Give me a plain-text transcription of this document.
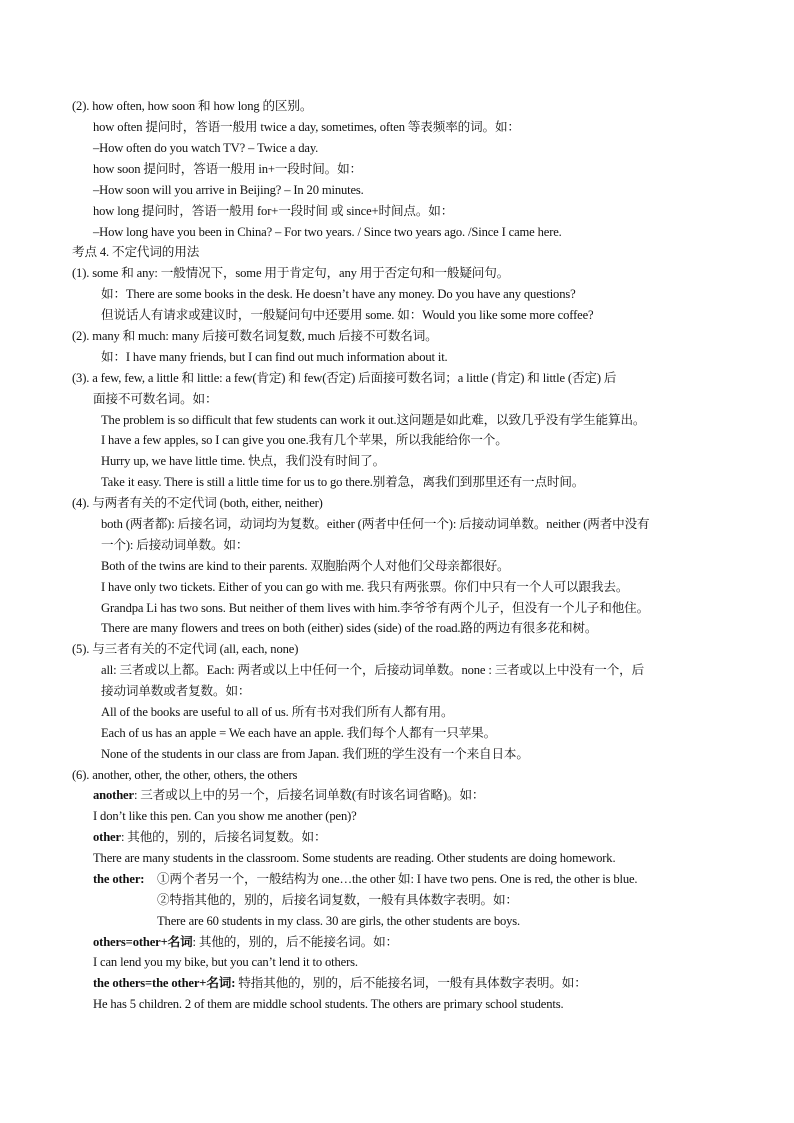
(2). how often, how soon 和 how long 的区别。
how often 提问时，答语一般用 twice a day, sometimes, often 等表频率的词。如：
–How often do you watch TV? – Twice a day.
how soon 提问时，答语一般用 in+一段时间。如：
–How soon will you arrive in Beijing? – In 20 minutes.
how long 提问时，答语一般用 for+一段时间 或 since+时间点。如：
–How long have you been in China? – For two years. / Since two years ago. /Since I came here.
考点 4. 不定代词的用法
(1). some 和 any: 一般情况下，some 用于肯定句，any 用于否定句和一般疑问句。
如：There are some books in the desk. He doesn’t have any money. Do you have any questions?
但说话人有请求或建议时，一般疑问句中还要用 some. 如：Would you like some more coffee?
(2). many 和 much: many 后接可数名词复数, much 后接不可数名词。
如：I have many friends, but I can find out much information about it.
(3). a few, few, a little 和 little: a few(肯定) 和 few(否定) 后面接可数名词；a little (肯定) 和 little (否定) 后
面接不可数名词。如：
The problem is so difficult that few students can work it out.这问题是如此难，以致几乎没有学生能算出。
I have a few apples, so I can give you one.我有几个苹果，所以我能给你一个。
Hurry up, we have little time. 快点，我们没有时间了。
Take it easy. There is still a little time for us to go there.别着急，离我们到那里还有一点时间。
(4). 与两者有关的不定代词 (both, either, neither)
both (两者都): 后接名词，动词均为复数。either (两者中任何一个): 后接动词单数。neither (两者中没有
一个): 后接动词单数。如：
Both of the twins are kind to their parents. 双胞胎两个人对他们父母亲都很好。
I have only two tickets. Either of you can go with me. 我只有两张票。你们中只有一个人可以跟我去。
Grandpa Li has two sons. But neither of them lives with him.李爷爷有两个儿子，但没有一个儿子和他住。
There are many flowers and trees on both (either) sides (side) of the road.路的两边有很多花和树。
(5). 与三者有关的不定代词 (all, each, none)
all: 三者或以上都。Each: 两者或以上中任何一个，后接动词单数。none : 三者或以上中没有一个，后
接动词单数或者复数。如：
All of the books are useful to all of us. 所有书对我们所有人都有用。
Each of us has an apple = We each have an apple. 我们每个人都有一只苹果。
None of the students in our class are from Japan. 我们班的学生没有一个来自日本。
(6). another, other, the other, others, the others
another: 三者或以上中的另一个，后接名词单数(有时该名词省略)。如：
I don’t like this pen. Can you show me another (pen)?
other: 其他的，别的，后接名词复数。如：
There are many students in the classroom. Some students are reading. Other students are doing homework.
the other: ①两个者另一个，一般结构为 one…the other 如: I have two pens. One is red, the other is blue.
②特指其他的，别的，后接名词复数，一般有具体数字表明。如：
There are 60 students in my class. 30 are girls, the other students are boys.
others=other+名词: 其他的，别的，后不能接名词。如：
I can lend you my bike, but you can’t lend it to others.
the others=the other+名词: 特指其他的，别的，后不能接名词，一般有具体数字表明。如：
He has 5 children. 2 of them are middle school students. The others are primary school students.
